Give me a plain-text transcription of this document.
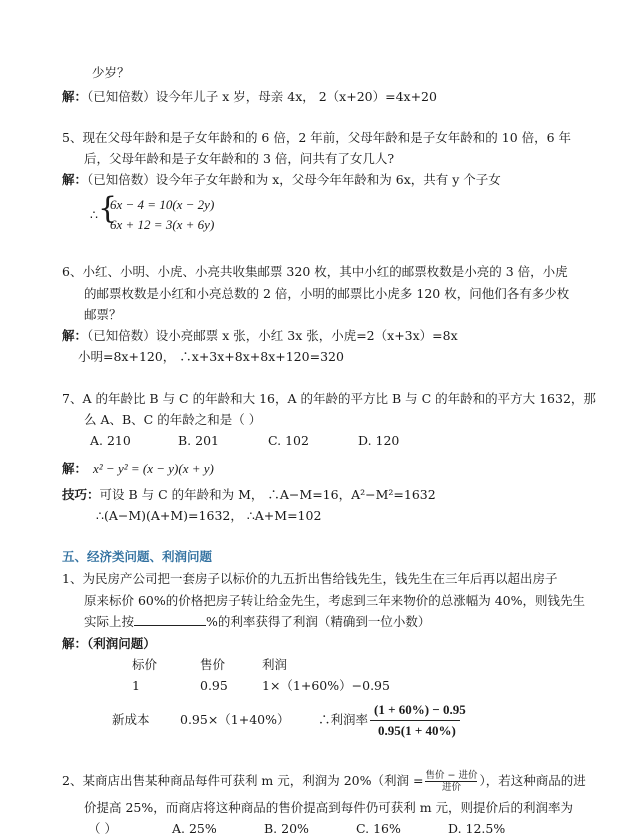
少岁？
解：（已知倍数）设今年儿子 x 岁，母亲 4x， 2（x+20）=4x+20
5、现在父母年龄和是子女年龄和的 6 倍，2 年前，父母年龄和是子女年龄和的 10 倍，6 年
后，父母年龄和是子女年龄和的 3 倍，问共有了女几人?
解：（已知倍数）设今年子女年龄和为 x，父母今年年龄和为 6x，共有 y 个子女
∴ {
6x − 4 = 10(x − 2y)
6x + 12 = 3(x + 6y)
6、小红、小明、小虎、小亮共收集邮票 320 枚，其中小红的邮票枚数是小亮的 3 倍，小虎
的邮票枚数是小红和小亮总数的 2 倍，小明的邮票比小虎多 120 枚，问他们各有多少枚
邮票？
解：（已知倍数）设小亮邮票 x 张，小红 3x 张，小虎=2（x+3x）=8x
小明=8x+120， ∴x+3x+8x+8x+120=320
7、A 的年龄比 B 与 C 的年龄和大 16，A 的年龄的平方比 B 与 C 的年龄和的平方大 1632，那
么 A、B、C 的年龄之和是（ ）
A. 210	B. 201	C. 102	D. 120
解： x² − y² = (x − y)(x + y)
技巧：可设 B 与 C 的年龄和为 M， ∴A−M=16，A²−M²=1632
∴(A−M)(A+M)=1632， ∴A+M=102
五、经济类问题、利润问题
1、为民房产公司把一套房子以标价的九五折出售给钱先生，钱先生在三年后再以超出房子
原来标价 60%的价格把房子转让给金先生，考虑到三年来物价的总涨幅为 40%，则钱先生
实际上按	%的利率获得了利润（精确到一位小数）
解：（利润问题）
标价	售价	利润
1	0.95	1×（1+60%）−0.95
新成本 0.95×（1+40%） ∴利润率
(1 + 60%) − 0.95
0.95(1 + 40%)
2、某商店出售某种商品每件可获利 m 元，利润为 20%（利润 = 售价 − 进价
进价	），若这种商品的进
价提高 25%，而商店将这种商品的售价提高到每件仍可获利 m 元，则提价后的利润率为
（ ）	A. 25%	B. 20%	C. 16%	D. 12.5%
